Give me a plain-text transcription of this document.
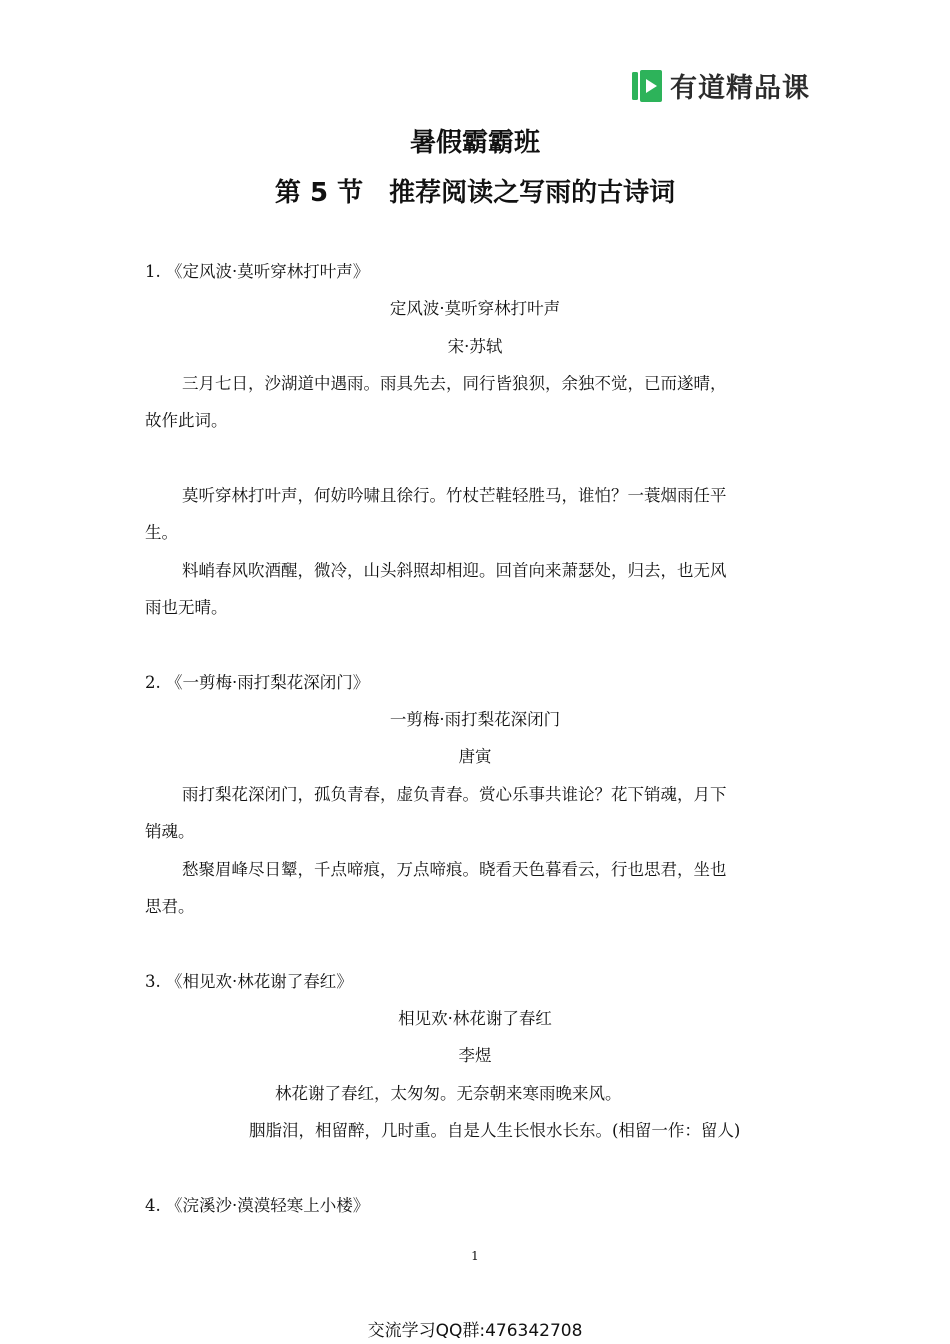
有道精品课
暑假霸霸班
第 5 节　推荐阅读之写雨的古诗词
1. 《定风波·莫听穿林打叶声》
定风波·莫听穿林打叶声
宋·苏轼
三月七日，沙湖道中遇雨。雨具先去，同行皆狼狈，余独不觉，已而遂晴，
故作此词。
莫听穿林打叶声，何妨吟啸且徐行。竹杖芒鞋轻胜马，谁怕？一蓑烟雨任平
生。
料峭春风吹酒醒，微冷，山头斜照却相迎。回首向来萧瑟处，归去，也无风
雨也无晴。
2. 《一剪梅·雨打梨花深闭门》
一剪梅·雨打梨花深闭门
唐寅
雨打梨花深闭门，孤负青春，虚负青春。赏心乐事共谁论？花下销魂，月下
销魂。
愁聚眉峰尽日颦，千点啼痕，万点啼痕。晓看天色暮看云，行也思君，坐也
思君。
3. 《相见欢·林花谢了春红》
相见欢·林花谢了春红
李煜
林花谢了春红，太匆匆。无奈朝来寒雨晚来风。
胭脂泪，相留醉，几时重。自是人生长恨水长东。(相留一作：留人)
4. 《浣溪沙·漠漠轻寒上小楼》
1
交流学习QQ群:476342708
